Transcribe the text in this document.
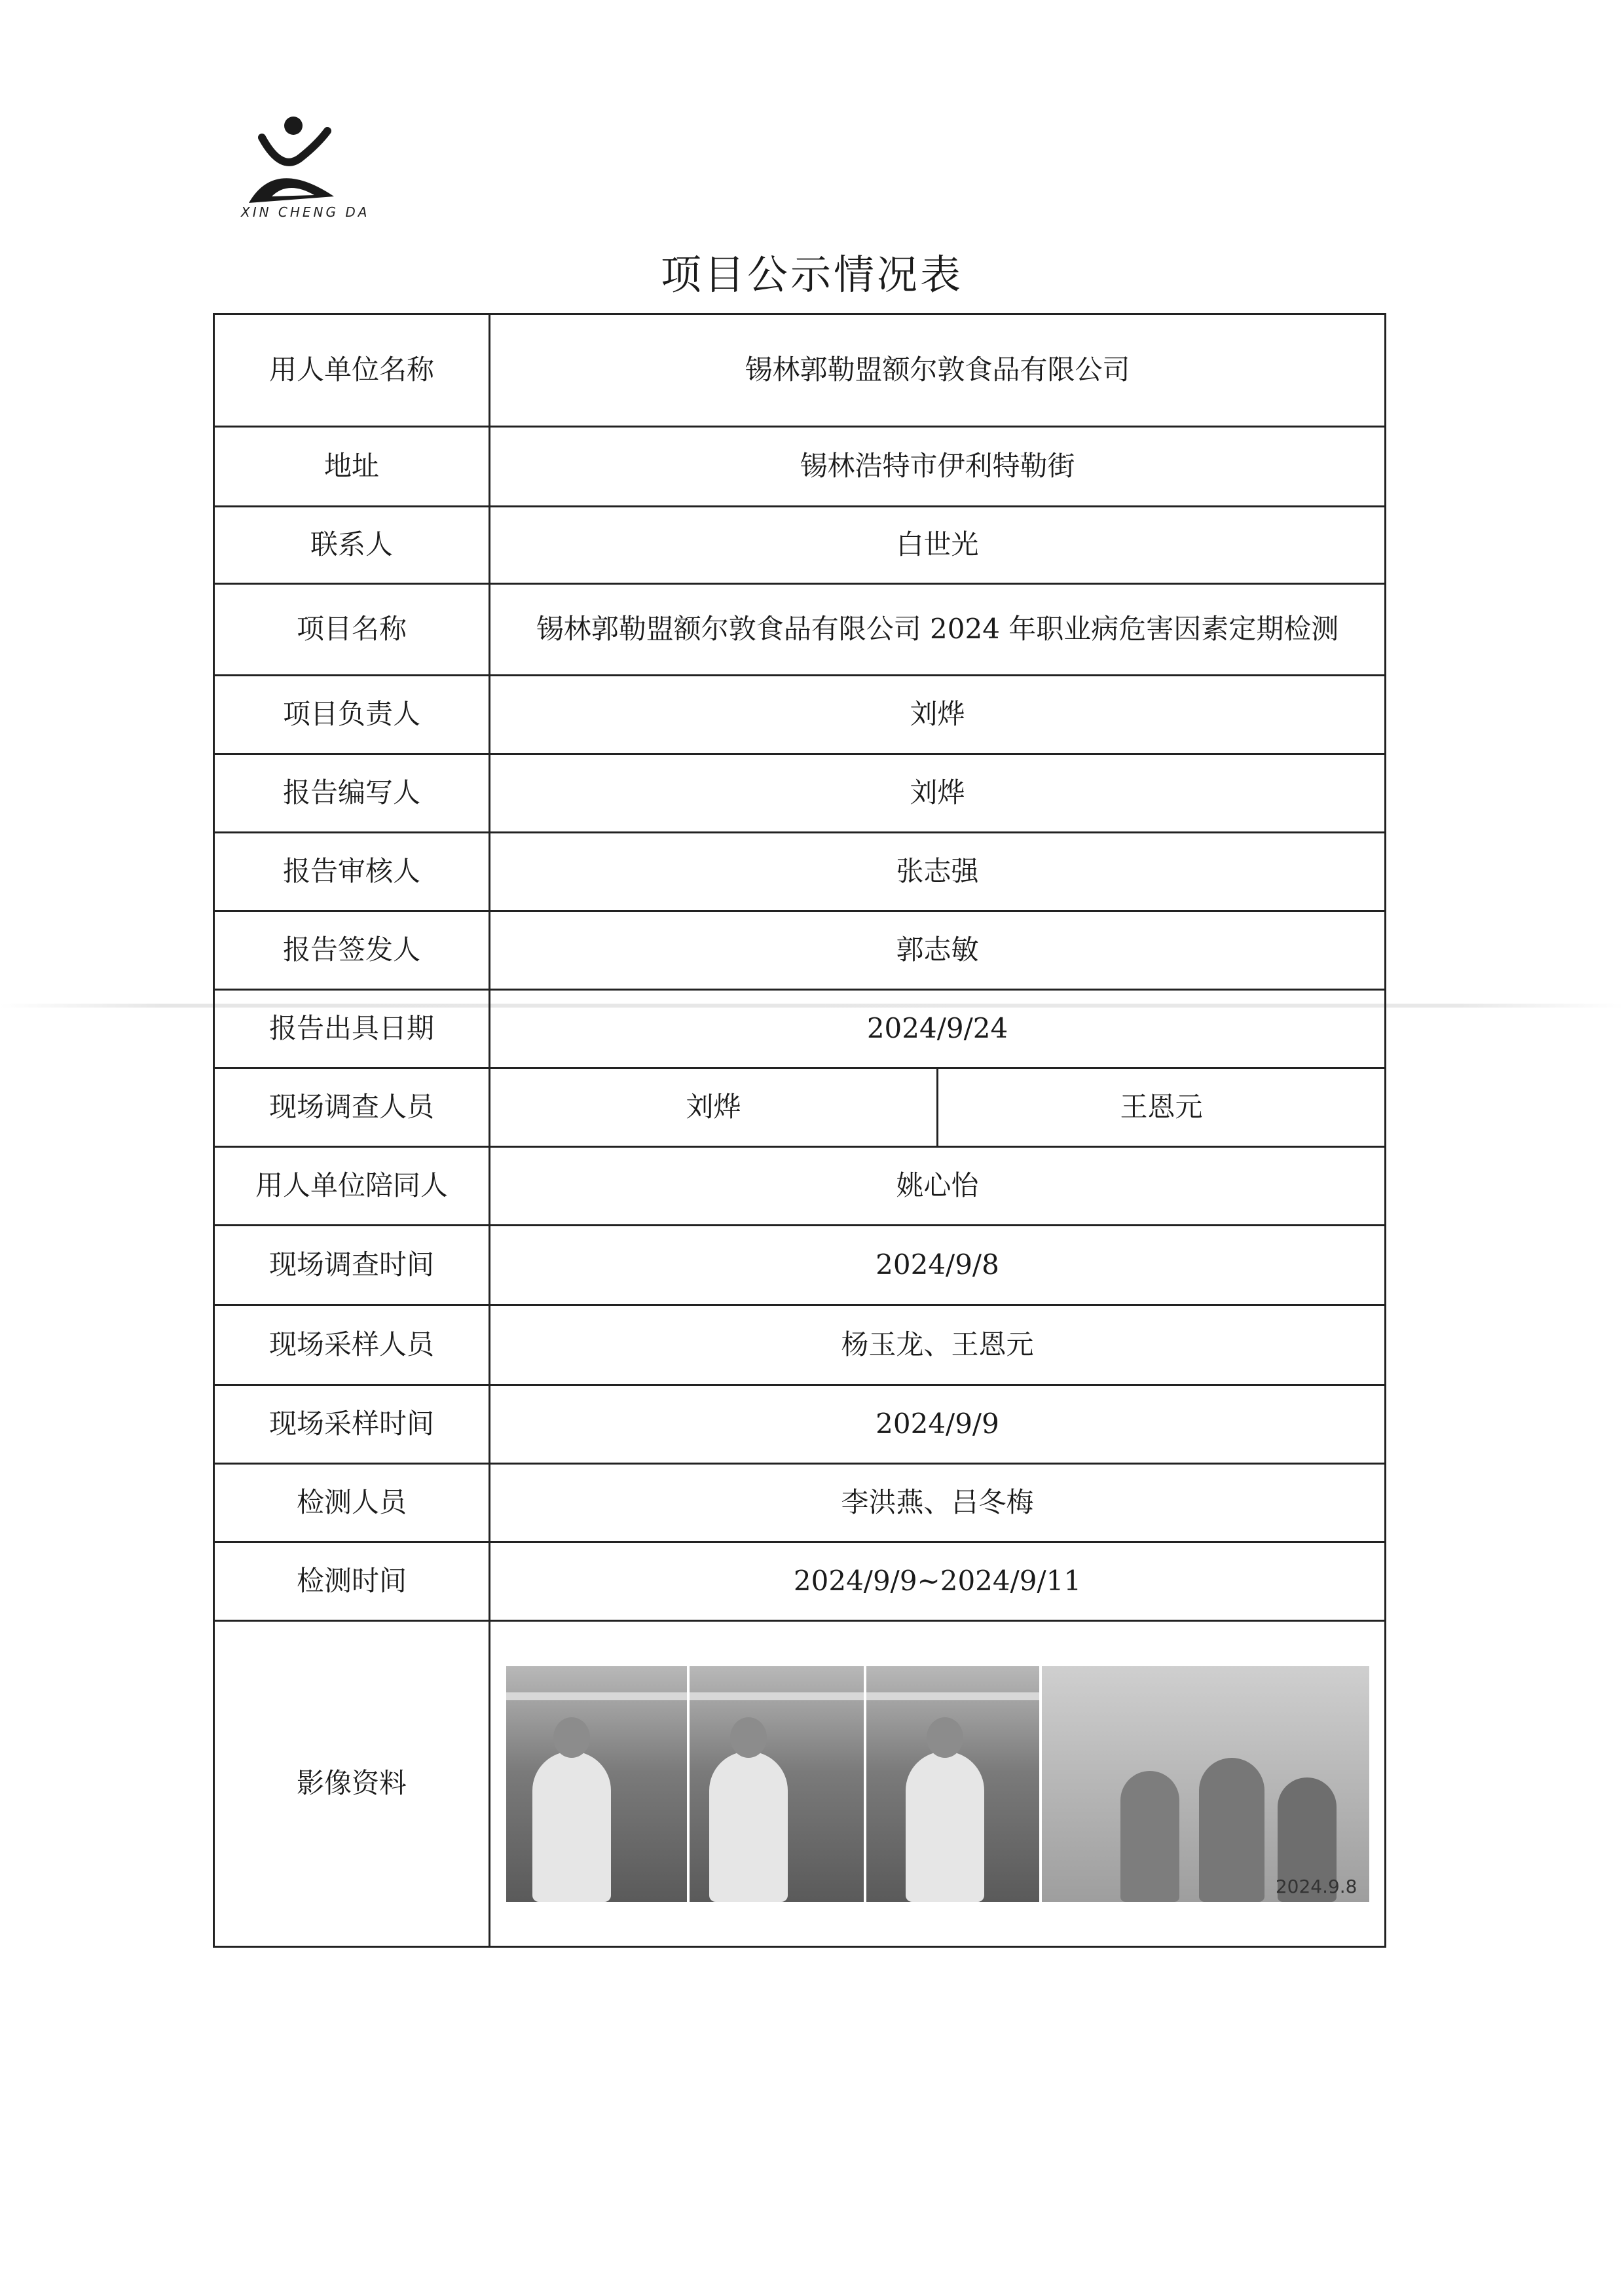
XIN CHENG DA
项目公示情况表
用人单位名称	锡林郭勒盟额尔敦食品有限公司	
地址	锡林浩特市伊利特勒街	
联系人	白世光	
项目名称	锡林郭勒盟额尔敦食品有限公司 2024 年职业病危害因素定期检测	
项目负责人	刘烨	
报告编写人	刘烨	
报告审核人	张志强	
报告签发人	郭志敏	
报告出具日期	2024/9/24	
现场调查人员	刘烨	王恩元
用人单位陪同人	姚心怡	
现场调查时间	2024/9/8	
现场采样人员	杨玉龙、王恩元	
现场采样时间	2024/9/9	
检测人员	李洪燕、吕冬梅	
检测时间	2024/9/9~2024/9/11	
影像资料	2024.9.8	
